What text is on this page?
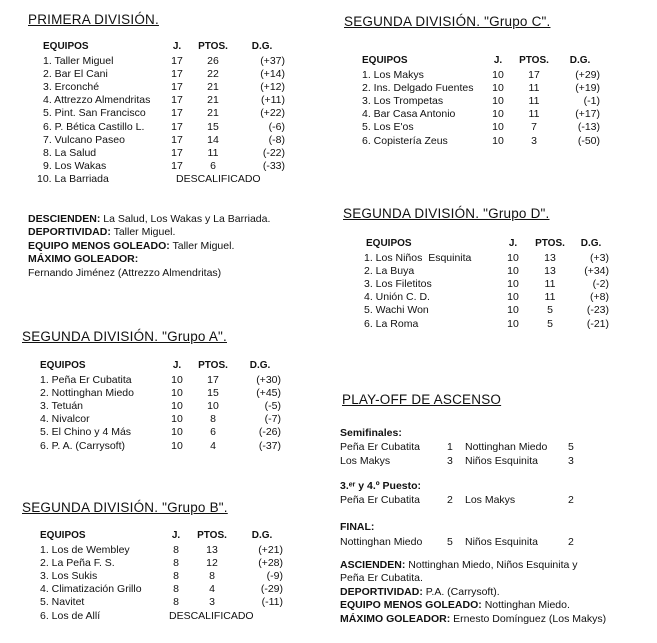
PRIMERA DIVISIÓN.
EQUIPOS	J.	PTOS.	D.G.
1. Taller Miguel	17	26	(+37)
2. Bar El Cani	17	22	(+14)
3. Erconché	17	21	(+12)
4. Attrezzo Almendritas	17	21	(+11)
5. Pint. San Francisco	17	21	(+22)
6. P. Bética Castillo L.	17	15	(-6)
7. Vulcano Paseo	17	14	(-8)
8. La Salud	17	11	(-22)
9. Los Wakas	17	6	(-33)
10. La Barriada	DESCALIFICADO		
DESCIENDEN: La Salud, Los Wakas y La Barriada.
DEPORTIVIDAD: Taller Miguel.
EQUIPO MENOS GOLEADO: Taller Miguel.
MÁXIMO GOLEADOR:
Fernando Jiménez (Attrezzo Almendritas)
SEGUNDA DIVISIÓN. "Grupo A".
EQUIPOS	J.	PTOS.	D.G.
1. Peña Er Cubatita	10	17	(+30)
2. Nottinghan Miedo	10	15	(+45)
3. Tetuán	10	10	(-5)
4. Nivalcor	10	8	(-7)
5. El Chino y 4 Más	10	6	(-26)
6. P. A. (Carrysoft)	10	4	(-37)
SEGUNDA DIVISIÓN. "Grupo B".
EQUIPOS	J.	PTOS.	D.G.
1. Los de Wembley	8	13	(+21)
2. La Peña F. S.	8	12	(+28)
3. Los Sukis	8	8	(-9)
4. Climatización Grillo	8	4	(-29)
5. Navitet	8	3	(-11)
6. Los de Allí	DESCALIFICADO		
SEGUNDA DIVISIÓN. "Grupo C".
EQUIPOS	J.	PTOS.	D.G.
1. Los Makys	10	17	(+29)
2. Ins. Delgado Fuentes	10	11	(+19)
3. Los Trompetas	10	11	(-1)
4. Bar Casa Antonio	10	11	(+17)
5. Los E'os	10	7	(-13)
6. Copistería Zeus	10	3	(-50)
SEGUNDA DIVISIÓN. "Grupo D".
EQUIPOS	J.	PTOS.	D.G.
1. Los Niños  Esquinita	10	13	(+3)
2. La Buya	10	13	(+34)
3. Los Filetitos	10	11	(-2)
4. Unión C. D.	10	11	(+8)
5. Wachi Won	10	5	(-23)
6. La Roma	10	5	(-21)
PLAY-OFF DE ASCENSO
Semifinales:
Peña Er Cubatita	1 Nottinghan Miedo 5
Los Makys	3 Niños Esquinita	3
3.ᵉʳ y 4.º Puesto:
Peña Er Cubatita	2 Los Makys	2
FINAL:
Nottinghan Miedo 5 Niños Esquinita	2
ASCIENDEN: Nottinghan Miedo, Niños Esquinita y
Peña Er Cubatita.
DEPORTIVIDAD: P.A. (Carrysoft).
EQUIPO MENOS GOLEADO: Nottinghan Miedo.
MÁXIMO GOLEADOR: Ernesto Domínguez (Los Makys)
